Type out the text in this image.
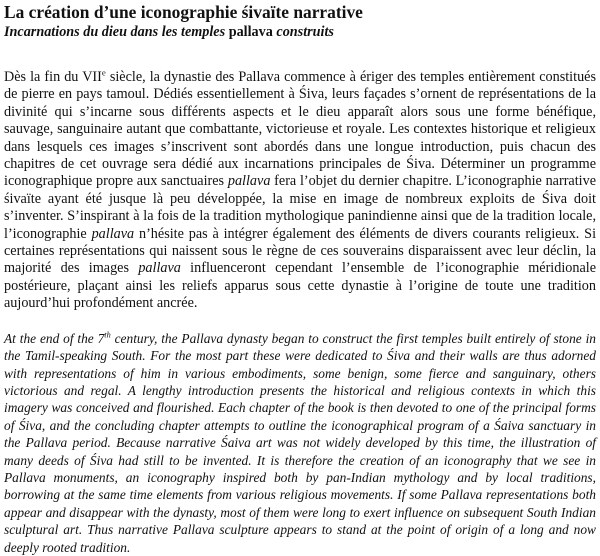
La création d’une iconographie śivaïte narrative
Incarnations du dieu dans les temples pallava construits

Dès la fin du VIIe siècle, la dynastie des Pallava commence à ériger des temples entièrement constitués de pierre en pays tamoul. Dédiés essentiellement à Śiva, leurs façades s’ornent de représentations de la divinité qui s’incarne sous différents aspects et le dieu apparaît alors sous une forme bénéfique, sauvage, sanguinaire autant que combattante, victorieuse et royale. Les contextes historique et religieux dans lesquels ces images s’inscrivent sont abordés dans une longue introduction, puis chacun des chapitres de cet ouvrage sera dédié aux incarnations principales de Śiva. Déterminer un programme iconographique propre aux sanctuaires pallava fera l’objet du dernier chapitre. L’iconographie narrative śivaïte ayant été jusque là peu développée, la mise en image de nombreux exploits de Śiva doit s’inventer. S’inspirant à la fois de la tradition mythologique panindienne ainsi que de la tradition locale, l’iconographie pallava n’hésite pas à intégrer également des éléments de divers courants religieux. Si certaines représentations qui naissent sous le règne de ces souverains disparaissent avec leur déclin, la majorité des images pallava influenceront cependant l’ensemble de l’iconographie méridionale postérieure, plaçant ainsi les reliefs apparus sous cette dynastie à l’origine de toute une tradition aujourd’hui profondément ancrée.

At the end of the 7th century, the Pallava dynasty began to construct the first temples built entirely of stone in the Tamil-speaking South. For the most part these were dedicated to Śiva and their walls are thus adorned with representations of him in various embodiments, some benign, some fierce and sanguinary, others victorious and regal. A lengthy introduction presents the historical and religious contexts in which this imagery was conceived and flourished. Each chapter of the book is then devoted to one of the principal forms of Śiva, and the concluding chapter attempts to outline the iconographical program of a Śaiva sanctuary in the Pallava period. Because narrative Śaiva art was not widely developed by this time, the illustration of many deeds of Śiva had still to be invented. It is therefore the creation of an iconography that we see in Pallava monuments, an iconography inspired both by pan-Indian mythology and by local traditions, borrowing at the same time elements from various religious movements. If some Pallava representations both appear and disappear with the dynasty, most of them were long to exert influence on subsequent South Indian sculptural art. Thus narrative Pallava sculpture appears to stand at the point of origin of a long and now deeply rooted tradition.
